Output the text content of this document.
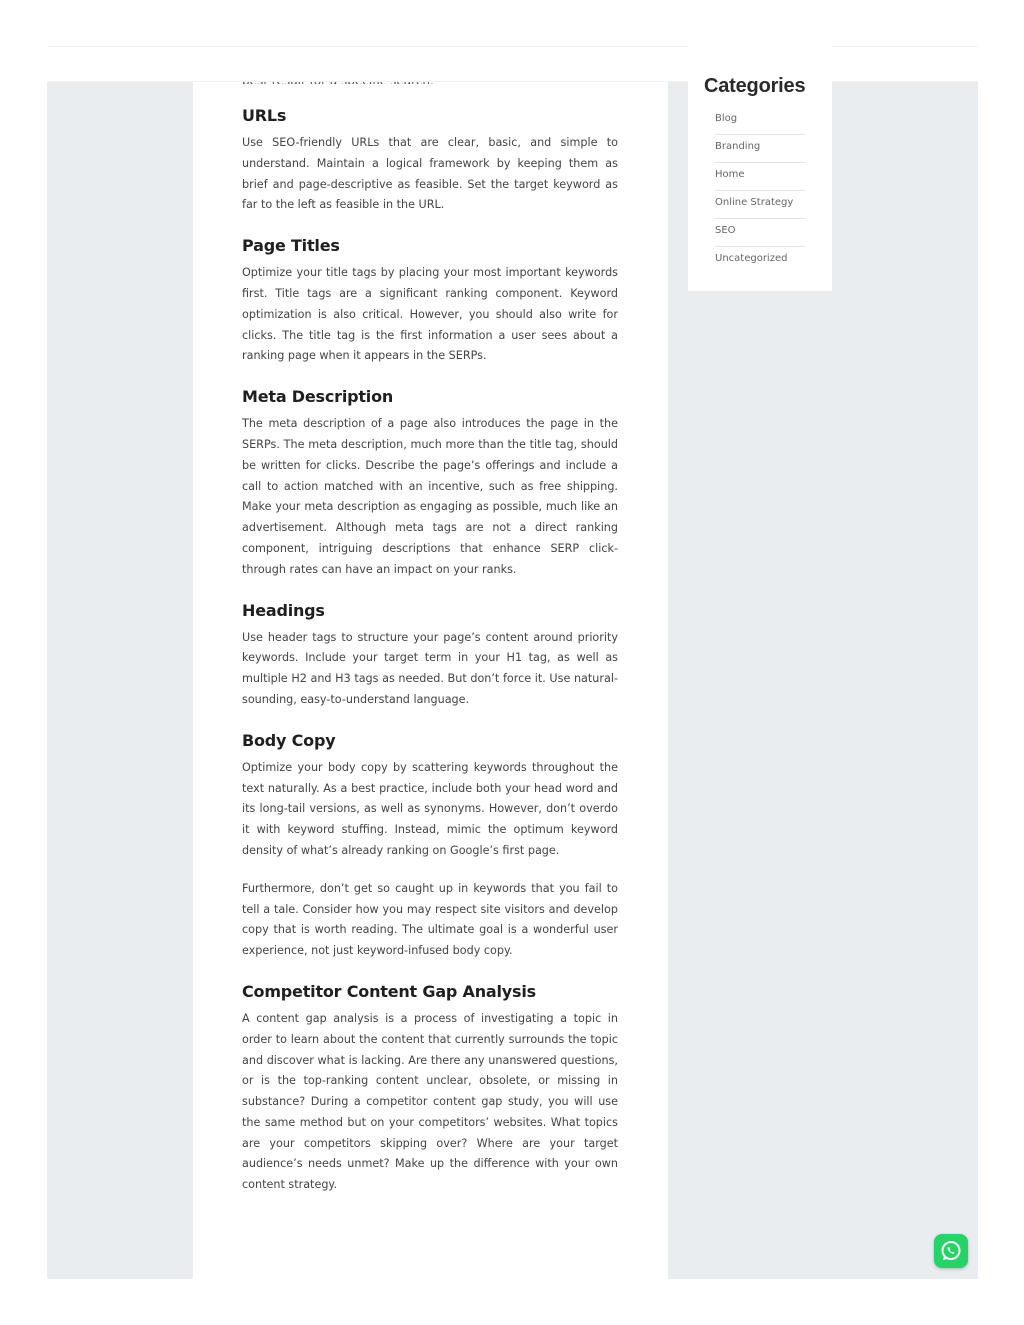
URLs

Use SEO-friendly URLs that are clear, basic, and simple to understand. Maintain a logical framework by keeping them as brief and page-descriptive as feasible. Set the target keyword as far to the left as feasible in the URL.

Page Titles

Optimize your title tags by placing your most important keywords first. Title tags are a significant ranking component. Keyword optimization is also critical. However, you should also write for clicks. The title tag is the first information a user sees about a ranking page when it appears in the SERPs.

Meta Description

The meta description of a page also introduces the page in the SERPs. The meta description, much more than the title tag, should be written for clicks. Describe the page’s offerings and include a call to action matched with an incentive, such as free shipping. Make your meta description as engaging as possible, much like an advertisement. Although meta tags are not a direct ranking component, intriguing descriptions that enhance SERP click-through rates can have an impact on your ranks.

Headings

Use header tags to structure your page’s content around priority keywords. Include your target term in your H1 tag, as well as multiple H2 and H3 tags as needed. But don’t force it. Use natural-sounding, easy-to-understand language.

Body Copy

Optimize your body copy by scattering keywords throughout the text naturally. As a best practice, include both your head word and its long-tail versions, as well as synonyms. However, don’t overdo it with keyword stuffing. Instead, mimic the optimum keyword density of what’s already ranking on Google’s first page.

Furthermore, don’t get so caught up in keywords that you fail to tell a tale. Consider how you may respect site visitors and develop copy that is worth reading. The ultimate goal is a wonderful user experience, not just keyword-infused body copy.

Competitor Content Gap Analysis

A content gap analysis is a process of investigating a topic in order to learn about the content that currently surrounds the topic and discover what is lacking. Are there any unanswered questions, or is the top-ranking content unclear, obsolete, or missing in substance? During a competitor content gap study, you will use the same method but on your competitors’ websites. What topics are your competitors skipping over? Where are your target audience’s needs unmet? Make up the difference with your own content strategy.

Categories
Blog
Branding
Home
Online Strategy
SEO
Uncategorized
